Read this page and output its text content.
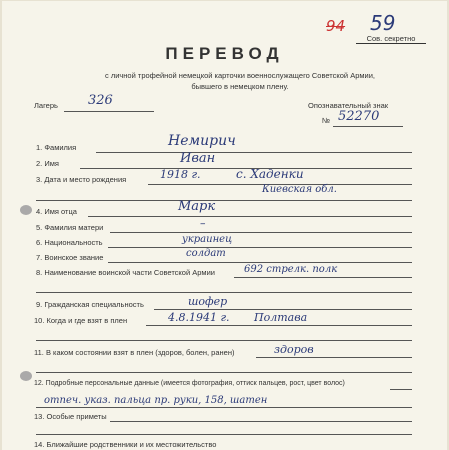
94 59
Сов. секретно
ПЕРЕВОД
с личной трофейной немецкой карточки военнослужащего Советской Армии,
бывшего в немецком плену.
Лагерь 326	Опознавательный знак
№ 52270
1. Фамилия	Немирич
2. Имя	Иван
3. Дата и место рождения	1918 г.	с. Хаденки
Киевская обл.
4. Имя отца	Марк
5. Фамилия матери	–
6. Национальность	украинец
7. Воинское звание	солдат
8. Наименование воинской части Советской Армии	692 стрелк. полк
9. Гражданская специальность	шофер
10. Когда и где взят в плен	4.8.1941 г. Полтава
11. В каком состоянии взят в плен (здоров, болен, ранен)	здоров
12. Подробные персональные данные (имеется фотография, оттиск пальцев, рост, цвет волос)
отпеч. указ. пальца пр. руки, 158, шатен
13. Особые приметы
14. Ближайшие родственники и их местожительство
